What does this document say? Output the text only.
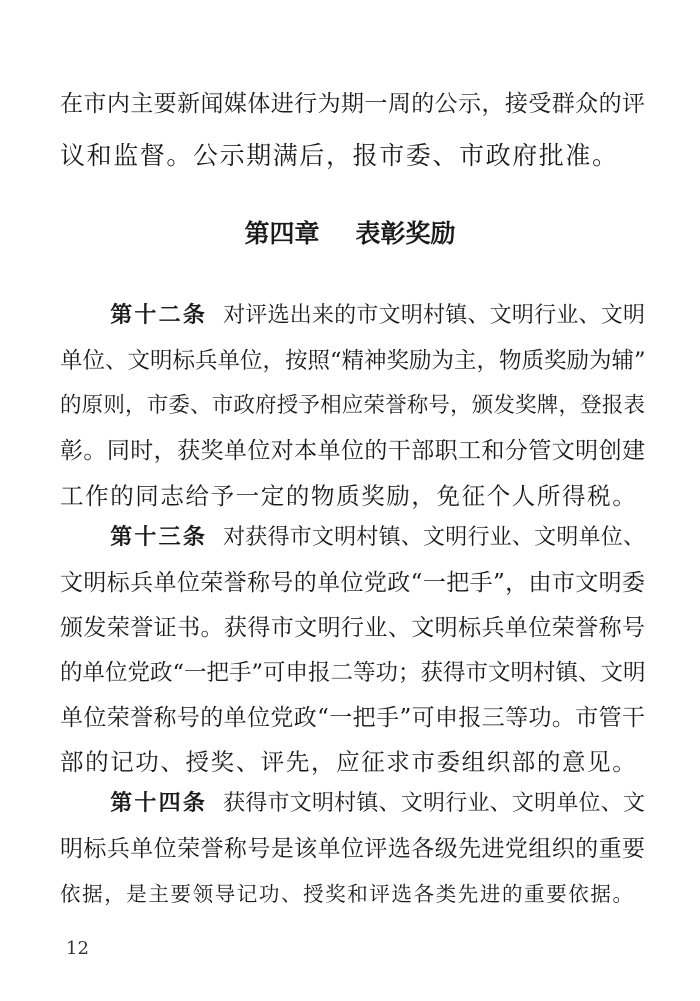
在市内主要新闻媒体进行为期一周的公示，接受群众的评
议和监督。公示期满后，报市委、市政府批准。
第四章 表彰奖励
第十二条 对评选出来的市文明村镇、文明行业、文明
单位、文明标兵单位，按照“精神奖励为主，物质奖励为辅”
的原则，市委、市政府授予相应荣誉称号，颁发奖牌，登报表
彰。同时，获奖单位对本单位的干部职工和分管文明创建
工作的同志给予一定的物质奖励，免征个人所得税。
第十三条 对获得市文明村镇、文明行业、文明单位、
文明标兵单位荣誉称号的单位党政“一把手”，由市文明委
颁发荣誉证书。获得市文明行业、文明标兵单位荣誉称号
的单位党政“一把手”可申报二等功；获得市文明村镇、文明
单位荣誉称号的单位党政“一把手”可申报三等功。市管干
部的记功、授奖、评先，应征求市委组织部的意见。
第十四条 获得市文明村镇、文明行业、文明单位、文
明标兵单位荣誉称号是该单位评选各级先进党组织的重要
依据，是主要领导记功、授奖和评选各类先进的重要依据。
12
